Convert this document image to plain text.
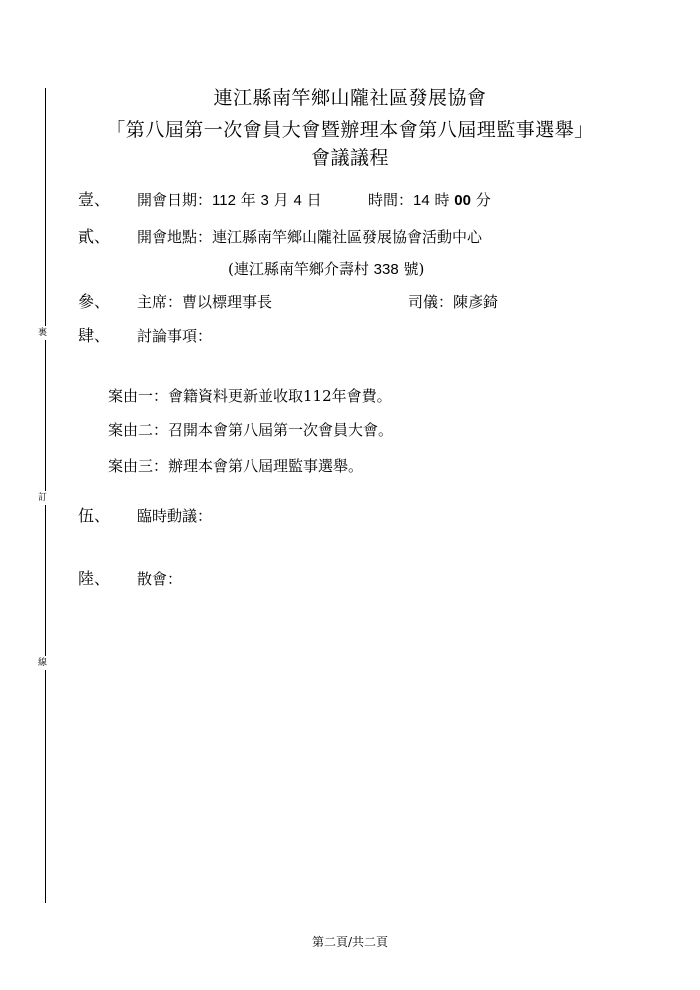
裏
訂
線
連江縣南竿鄉山隴社區發展協會
「第八屆第一次會員大會暨辦理本會第八屆理監事選舉」
會議議程
壹、 開會日期：112 年 3 月 4 日	時間：14 時 00 分
貳、 開會地點：連江縣南竿鄉山隴社區發展協會活動中心
(連江縣南竿鄉介壽村 338 號)
參、 主席：曹以標理事長	司儀：陳彥錡
肆、 討論事項：
案由一：會籍資料更新並收取112年會費。
案由二：召開本會第八屆第一次會員大會。
案由三：辦理本會第八屆理監事選舉。
伍、 臨時動議：
陸、 散會：
第二頁/共二頁
